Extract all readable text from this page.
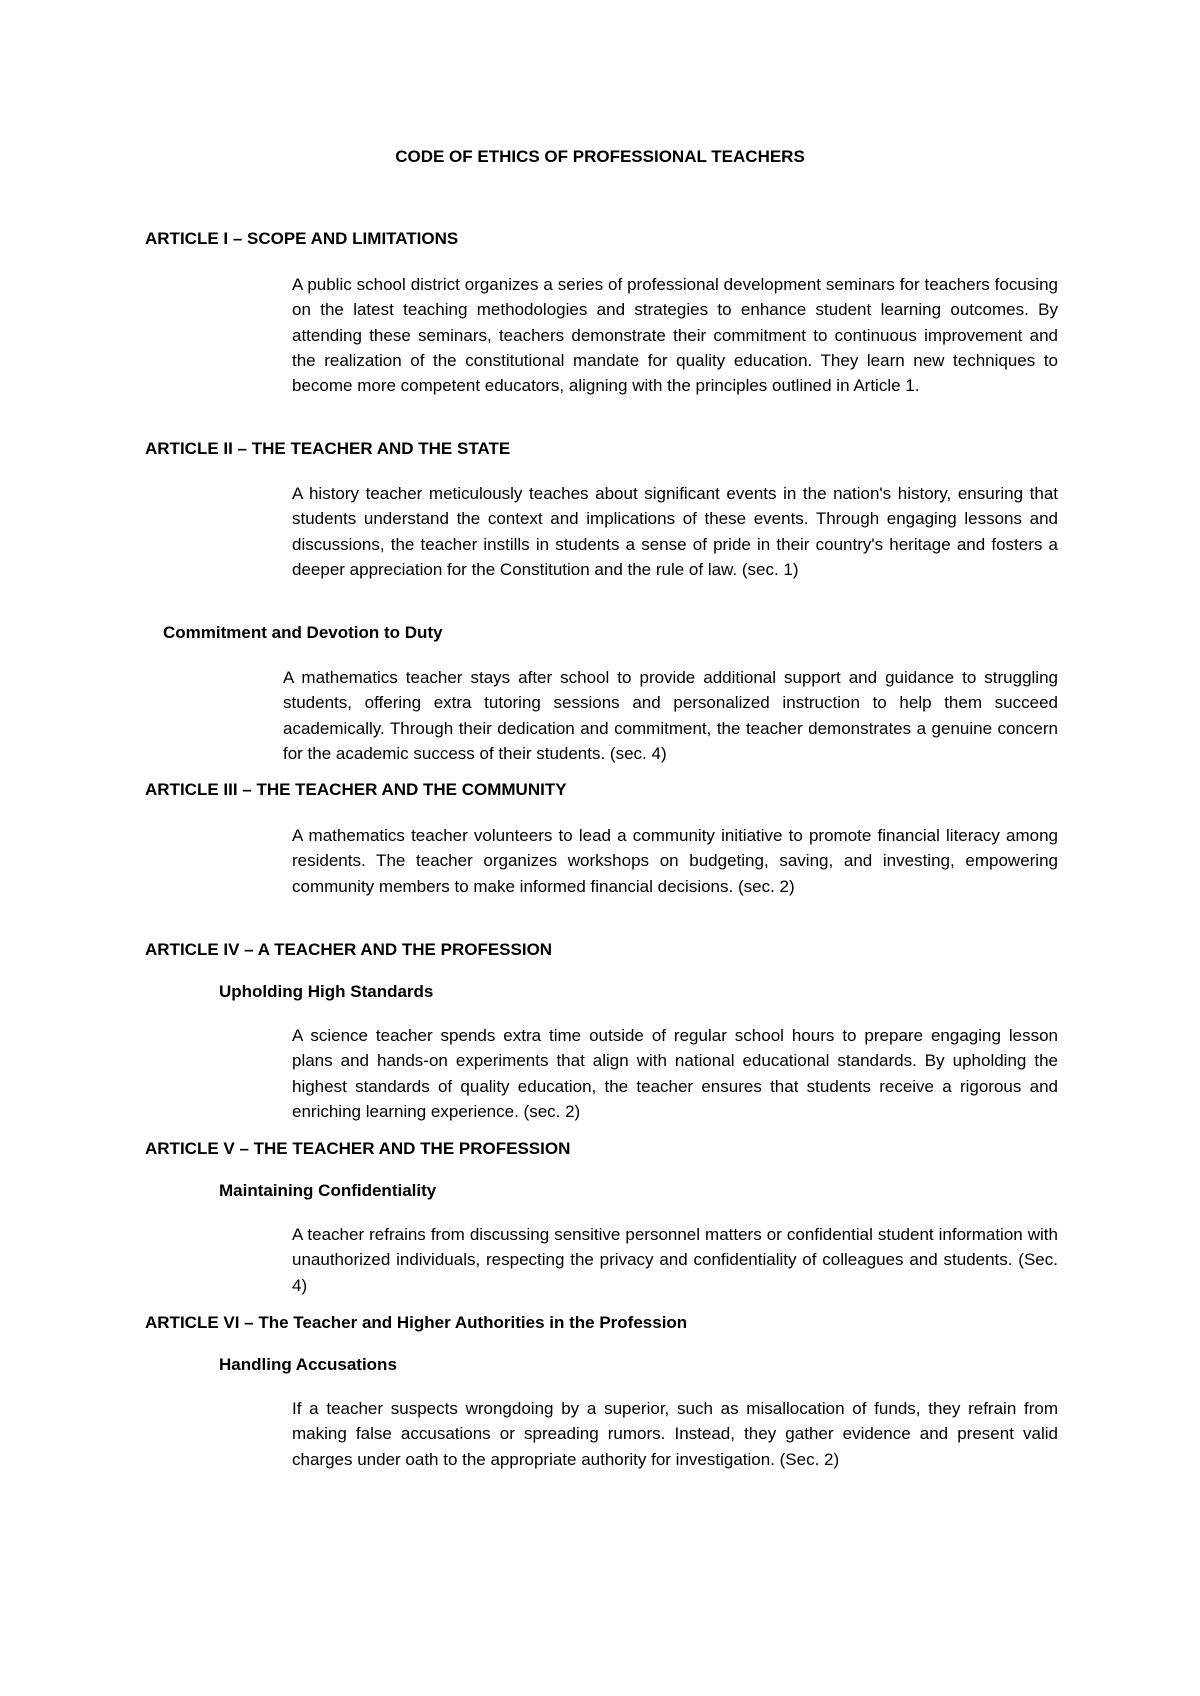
CODE OF ETHICS OF PROFESSIONAL TEACHERS
ARTICLE I – SCOPE AND LIMITATIONS

A public school district organizes a series of professional development seminars for teachers focusing on the latest teaching methodologies and strategies to enhance student learning outcomes. By attending these seminars, teachers demonstrate their commitment to continuous improvement and the realization of the constitutional mandate for quality education. They learn new techniques to become more competent educators, aligning with the principles outlined in Article 1.

ARTICLE II – THE TEACHER AND THE STATE

A history teacher meticulously teaches about significant events in the nation's history, ensuring that students understand the context and implications of these events. Through engaging lessons and discussions, the teacher instills in students a sense of pride in their country's heritage and fosters a deeper appreciation for the Constitution and the rule of law. (sec. 1)

Commitment and Devotion to Duty

A mathematics teacher stays after school to provide additional support and guidance to struggling students, offering extra tutoring sessions and personalized instruction to help them succeed academically. Through their dedication and commitment, the teacher demonstrates a genuine concern for the academic success of their students. (sec. 4)

ARTICLE III – THE TEACHER AND THE COMMUNITY

A mathematics teacher volunteers to lead a community initiative to promote financial literacy among residents. The teacher organizes workshops on budgeting, saving, and investing, empowering community members to make informed financial decisions. (sec. 2)

ARTICLE IV – A TEACHER AND THE PROFESSION
Upholding High Standards

A science teacher spends extra time outside of regular school hours to prepare engaging lesson plans and hands-on experiments that align with national educational standards. By upholding the highest standards of quality education, the teacher ensures that students receive a rigorous and enriching learning experience. (sec. 2)

ARTICLE V – THE TEACHER AND THE PROFESSION
Maintaining Confidentiality

A teacher refrains from discussing sensitive personnel matters or confidential student information with unauthorized individuals, respecting the privacy and confidentiality of colleagues and students. (Sec. 4)

ARTICLE VI – The Teacher and Higher Authorities in the Profession
Handling Accusations

If a teacher suspects wrongdoing by a superior, such as misallocation of funds, they refrain from making false accusations or spreading rumors. Instead, they gather evidence and present valid charges under oath to the appropriate authority for investigation. (Sec. 2)
